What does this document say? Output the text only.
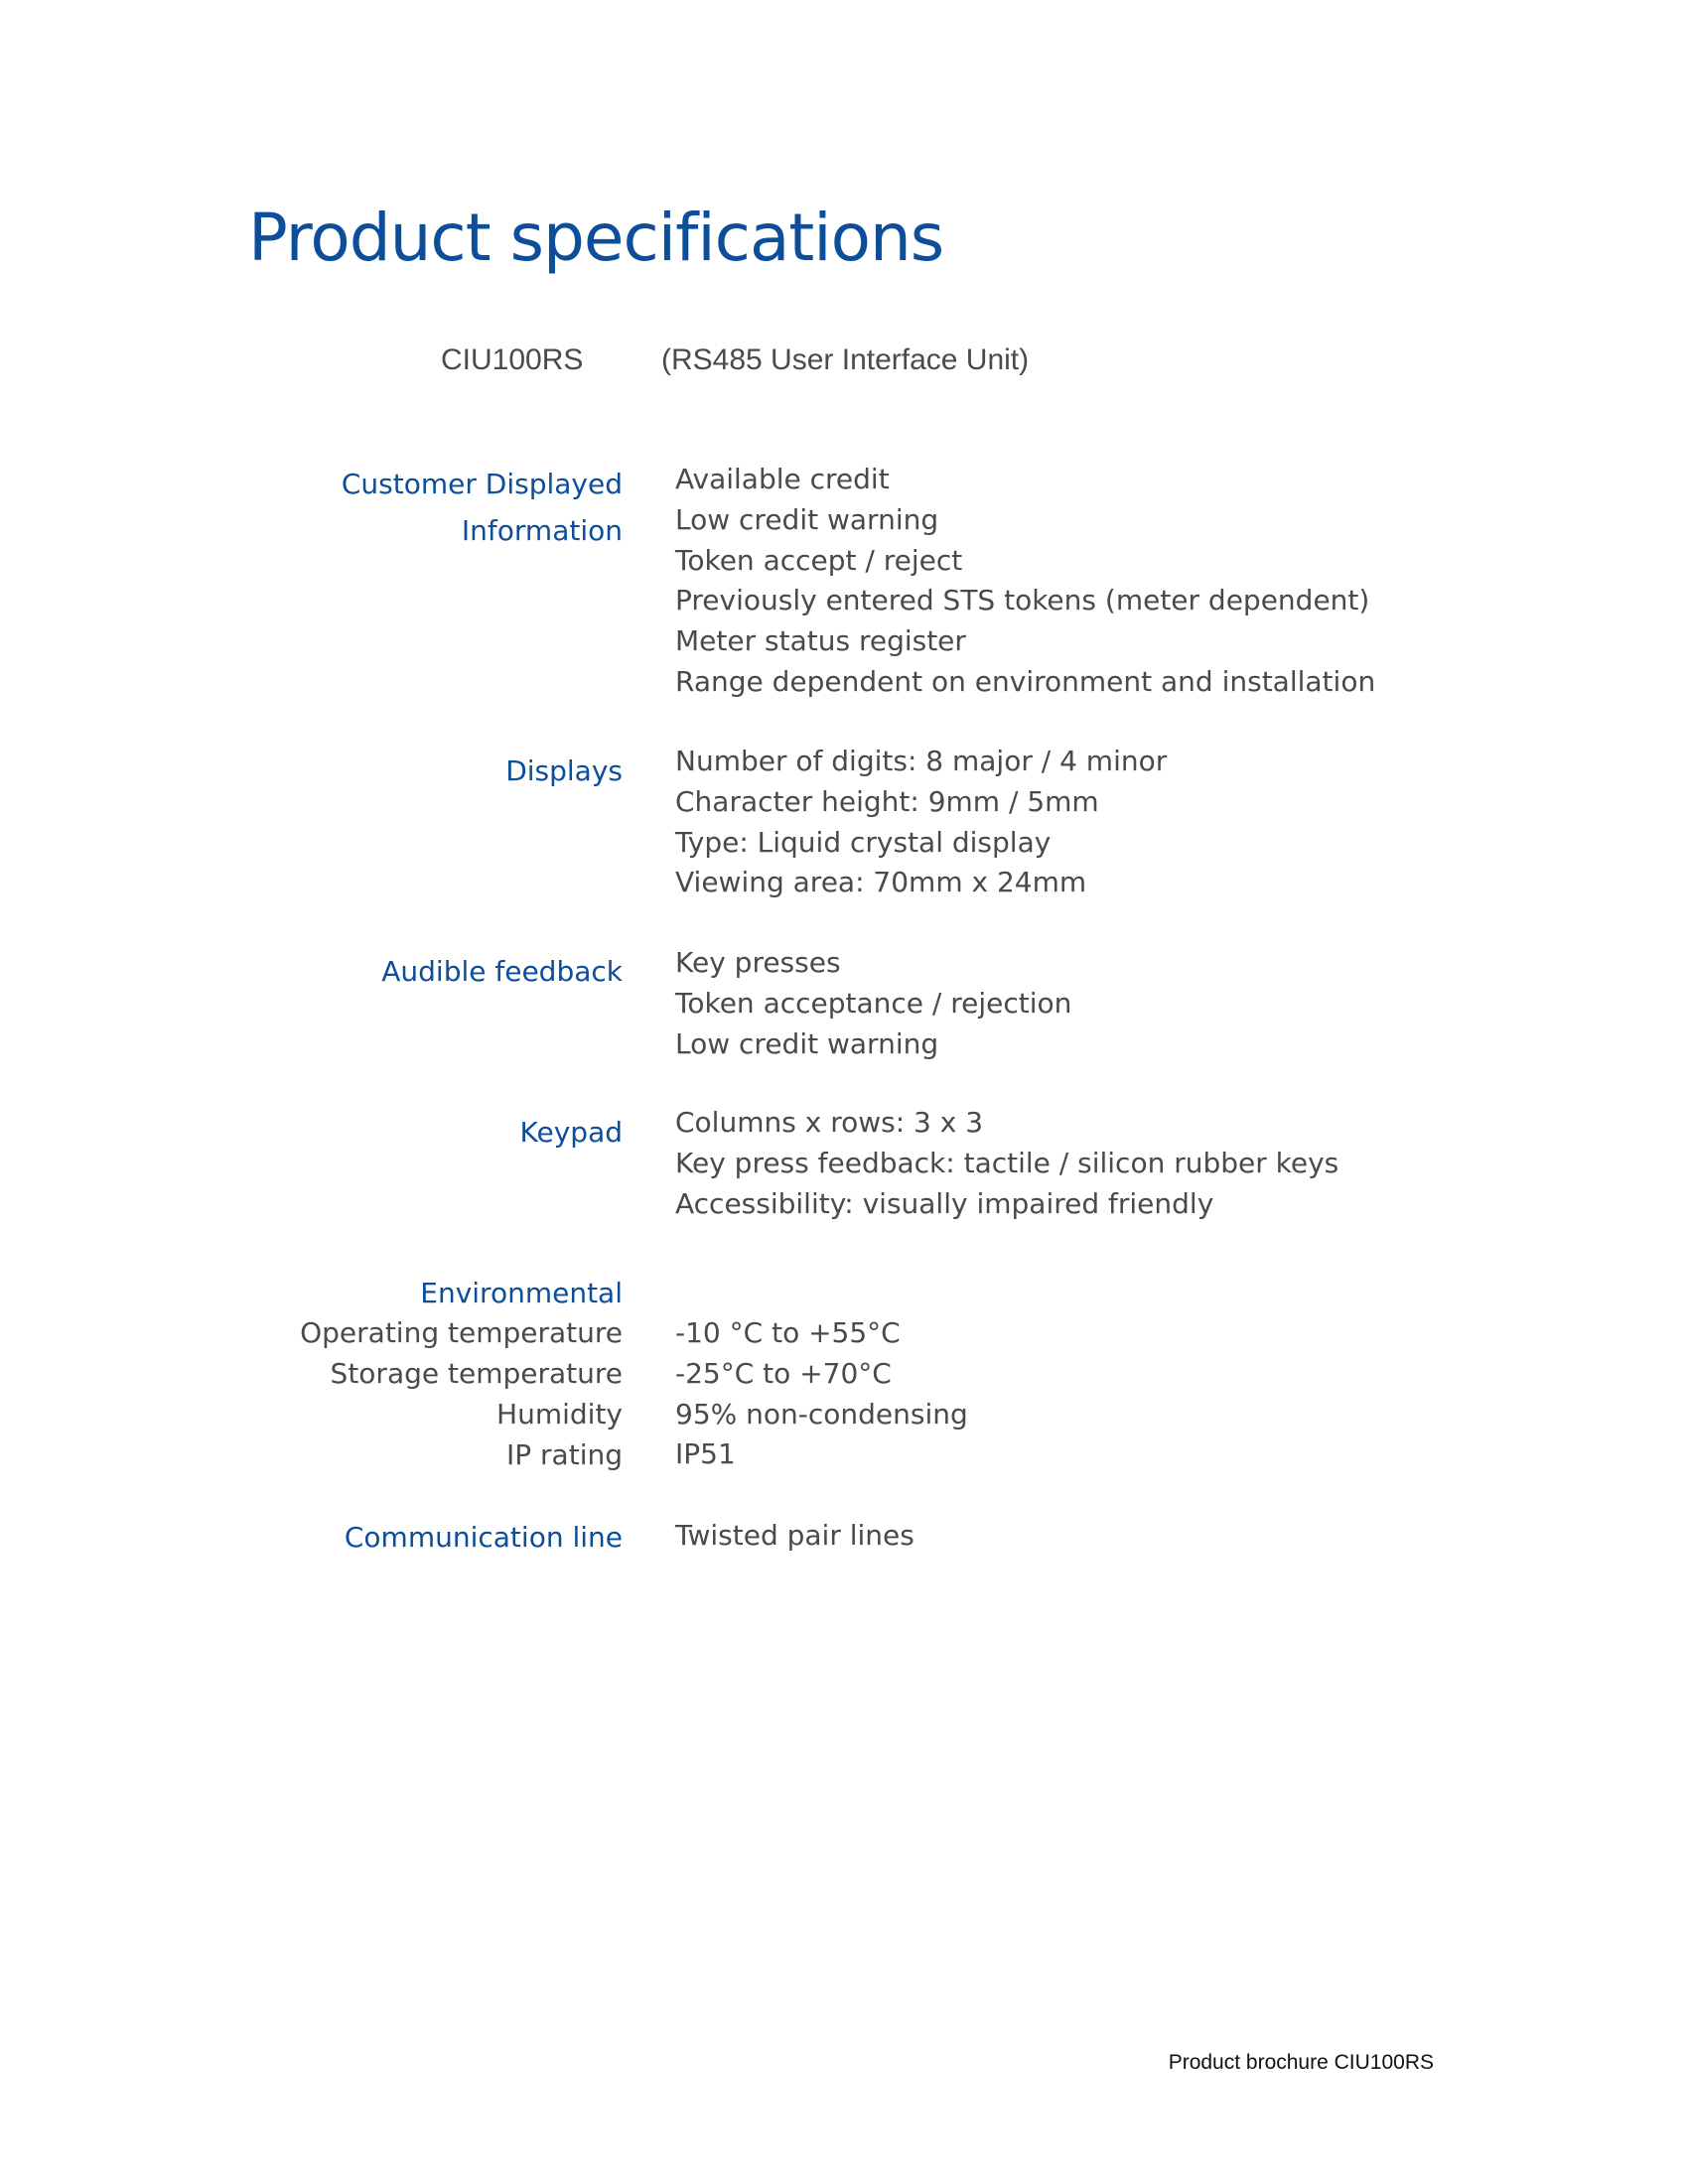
Product specifications
CIU100RS	(RS485 User Interface Unit)
Customer Displayed
Information
Available credit
Low credit warning
Token accept / reject
Previously entered STS tokens (meter dependent)
Meter status register
Range dependent on environment and installation
Displays Number of digits: 8 major / 4 minor
Character height: 9mm / 5mm
Type: Liquid crystal display
Viewing area: 70mm x 24mm
Audible feedback Key presses
Token acceptance / rejection
Low credit warning
Keypad Columns x rows: 3 x 3
Key press feedback: tactile / silicon rubber keys
Accessibility: visually impaired friendly
Environmental
Operating temperature
Storage temperature
Humidity
IP rating
-10 °C to +55°C
-25°C to +70°C
95% non-condensing
IP51
Communication line Twisted pair lines
Product brochure CIU100RS
